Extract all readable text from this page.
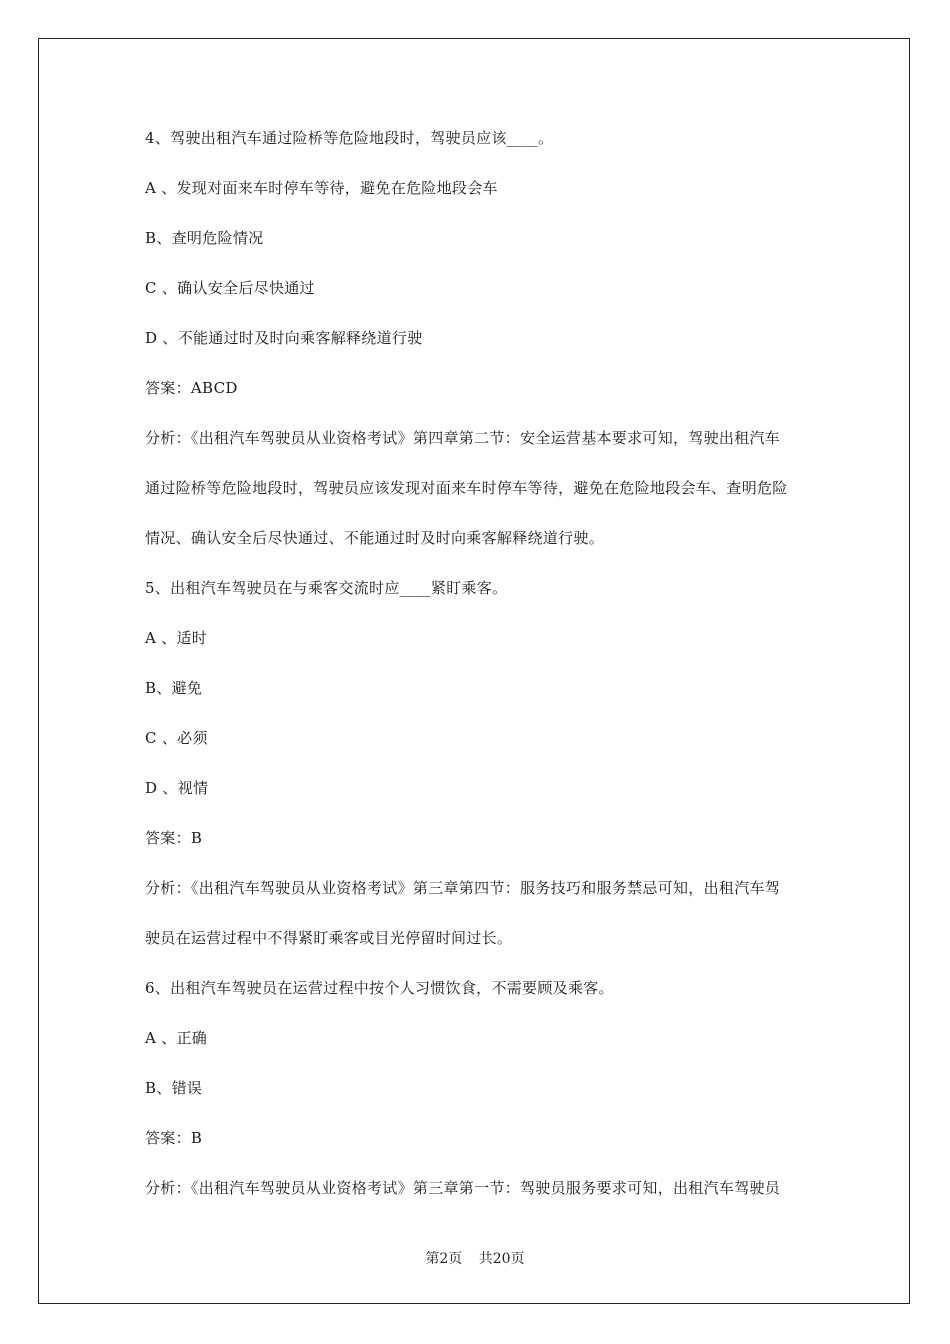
4、驾驶出租汽车通过险桥等危险地段时，驾驶员应该____。
A 、发现对面来车时停车等待，避免在危险地段会车
B、查明危险情况
C 、确认安全后尽快通过
D 、不能通过时及时向乘客解释绕道行驶
答案：ABCD
分析：《出租汽车驾驶员从业资格考试》第四章第二节：安全运营基本要求可知，驾驶出租汽车
通过险桥等危险地段时，驾驶员应该发现对面来车时停车等待，避免在危险地段会车、查明危险
情况、确认安全后尽快通过、不能通过时及时向乘客解释绕道行驶。
5、出租汽车驾驶员在与乘客交流时应____紧盯乘客。
A 、适时
B、避免
C 、必须
D 、视情
答案：B
分析：《出租汽车驾驶员从业资格考试》第三章第四节：服务技巧和服务禁忌可知，出租汽车驾
驶员在运营过程中不得紧盯乘客或目光停留时间过长。
6、出租汽车驾驶员在运营过程中按个人习惯饮食，不需要顾及乘客。
A 、正确
B、错误
答案：B
分析：《出租汽车驾驶员从业资格考试》第三章第一节：驾驶员服务要求可知，出租汽车驾驶员
第2页 共20页
